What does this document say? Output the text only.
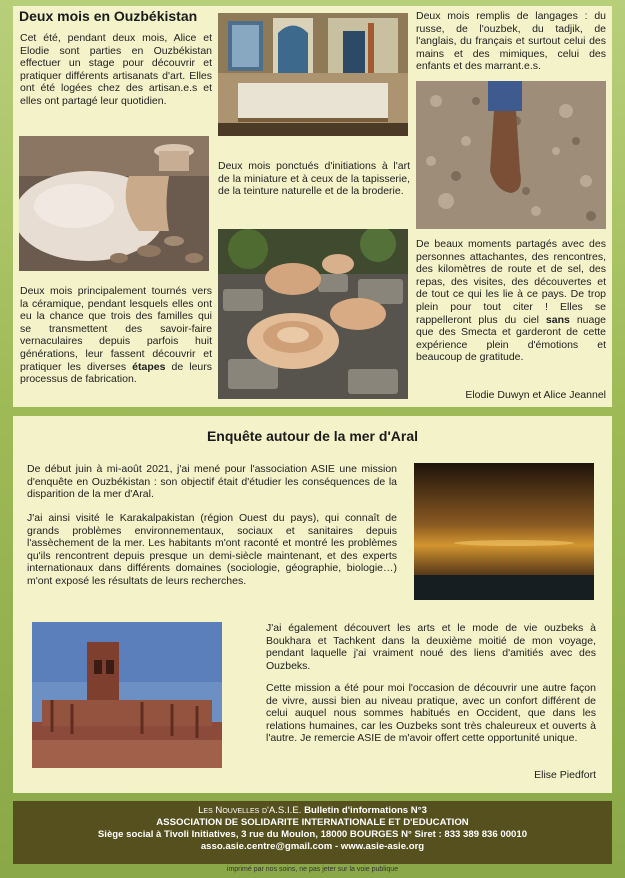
Deux mois en Ouzbékistan
Cet été, pendant deux mois, Alice et Elodie sont parties en Ouzbékistan effectuer un stage pour découvrir et pratiquer différents artisanats d'art. Elles ont été logées chez des artisan.e.s et elles ont partagé leur quotidien.
Deux mois remplis de langages : du russe, de l'ouzbek, du tadjik, de l'anglais, du français et surtout celui des mains et des mimiques, celui des enfants et des marrant.e.s.
Deux mois ponctués d'initiations à l'art de la miniature et à ceux de la tapisserie, de la teinture naturelle et de la broderie.
Deux mois principalement tournés vers la céramique, pendant lesquels elles ont eu la chance que trois des familles qui se transmettent des savoir-faire vernaculaires depuis parfois huit générations, leur fassent découvrir et pratiquer les diverses étapes de leurs processus de fabrication.
De beaux moments partagés avec des personnes attachantes, des rencontres, des kilomètres de route et de sel, des repas, des visites, des découvertes et de tout ce qui les lie à ce pays. De trop plein pour tout citer ! Elles se rappelleront plus du ciel sans nuage que des Smecta et garderont de cette expérience plein d'émotions et beaucoup de gratitude.
Elodie Duwyn et Alice Jeannel
Enquête autour de la mer d'Aral
De début juin à mi-août 2021, j'ai mené pour l'association ASIE une mission d'enquête en Ouzbékistan : son objectif était d'étudier les conséquences de la disparition de la mer d'Aral.
J'ai ainsi visité le Karakalpakistan (région Ouest du pays), qui connaît de grands problèmes environnementaux, sociaux et sanitaires depuis l'assèchement de la mer. Les habitants m'ont raconté et montré les problèmes qu'ils rencontrent depuis presque un demi-siècle maintenant, et des experts internationaux dans différents domaines (sociologie, géographie, biologie…) m'ont exposé les résultats de leurs recherches.
J'ai également découvert les arts et le mode de vie ouzbeks à Boukhara et Tachkent dans la deuxième moitié de mon voyage, pendant laquelle j'ai vraiment noué des liens d'amitiés avec des Ouzbeks.
Cette mission a été pour moi l'occasion de découvrir une autre façon de vivre, aussi bien au niveau pratique, avec un confort différent de celui auquel nous sommes habitués en Occident, que dans les relations humaines, car les Ouzbeks sont très chaleureux et ouverts à l'autre. Je remercie ASIE de m'avoir offert cette opportunité unique.
Elise Piedfort
Les Nouvelles d'A.S.I.E. Bulletin d'informations N°3
ASSOCIATION DE SOLIDARITE INTERNATIONALE ET D'EDUCATION
Siège social à Tivoli Initiatives, 3 rue du Moulon, 18000 BOURGES N° Siret : 833 389 836 00010
asso.asie.centre@gmail.com - www.asie-asie.org
imprimé par nos soins, ne pas jeter sur la voie publique
